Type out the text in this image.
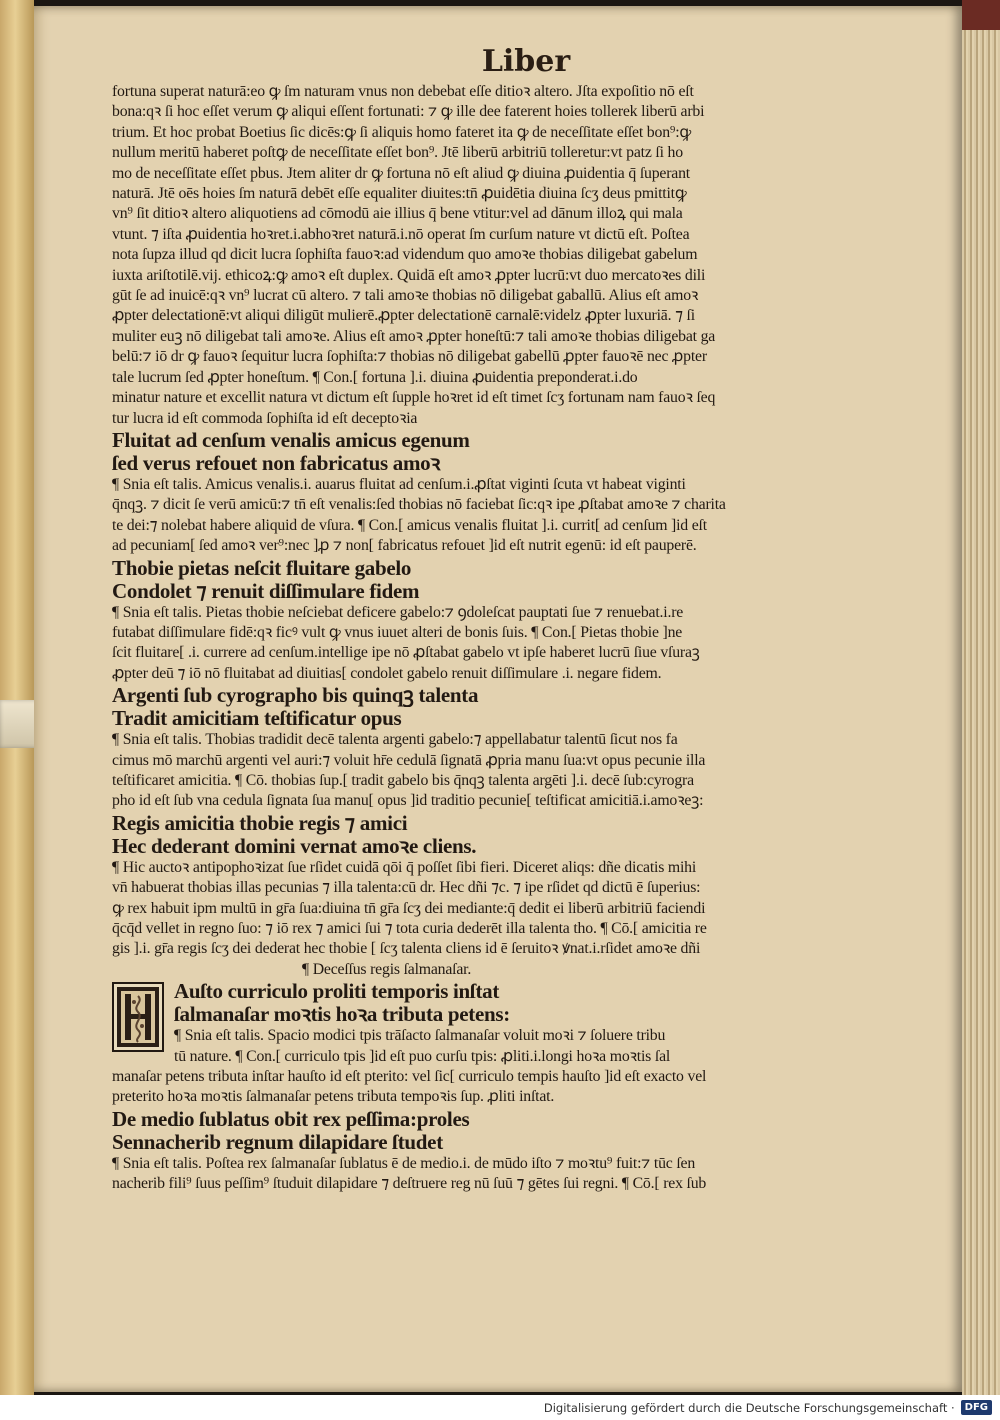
Liber
fortuna superat naturā:eo ꝙ ſm naturam vnus non debebat eſſe ditioꝛ altero. Jſta expoſitio nō eſt
bona:qꝛ ſi hoc eſſet verum ꝙ aliqui eſſent fortunati: ⁊ ꝙ ille dee faterent hoies tollerek liberū arbi
trium. Et hoc probat Boetius ſic dicēs:ꝙ ſi aliquis homo fateret ita ꝙ de neceſſitate eſſet bon⁹:ꝙ
nullum meritū haberet poſtꝙ de neceſſitate eſſet bon⁹. Jtē liberū arbitriū tolleretur:vt patz ſi ho
mo de neceſſitate eſſet pbus. Jtem aliter dr ꝙ fortuna nō eſt aliud ꝙ diuina ꝓuidentia q̄ ſuperant
naturā. Jtē oēs hoies ſm naturā debēt eſſe equaliter diuites:tn̄ ꝓuidētia diuina ſcʒ deus pmittitꝙ
vn⁹ ſit ditioꝛ altero aliquotiens ad cōmodū aie illius q̄ bene vtitur:vel ad dānum illoꝝ qui mala
vtunt. ⁊ iſta ꝓuidentia hoꝛret.i.abhoꝛret naturā.i.nō operat ſm curſum nature vt dictū eſt. Poſtea
nota ſupza illud qd dicit lucra ſophiſta fauoꝛ:ad videndum quo amoꝛe thobias diligebat gabelum
iuxta ariſtotilē.vij. ethicoꝝ:ꝙ amoꝛ eſt duplex. Quidā eſt amoꝛ ꝓpter lucrū:vt duo mercatoꝛes dili
gūt ſe ad inuicē:qꝛ vn⁹ lucrat cū altero. ⁊ tali amoꝛe thobias nō diligebat gaballū. Alius eſt amoꝛ
ꝓpter delectationē:vt aliqui diligūt mulierē.ꝓpter delectationē carnalē:videlz ꝓpter luxuriā. ⁊ ſi
muliter euꝫ nō diligebat tali amoꝛe. Alius eſt amoꝛ ꝓpter honeſtū:⁊ tali amoꝛe thobias diligebat ga
belū:⁊ iō dr ꝙ fauoꝛ ſequitur lucra ſophiſta:⁊ thobias nō diligebat gabellū ꝓpter fauoꝛē nec ꝓpter
tale lucrum ſed ꝓpter honeſtum. ¶ Con.[ fortuna ].i. diuina ꝓuidentia preponderat.i.do
minatur nature et excellit natura vt dictum eſt ſupple hoꝛret id eſt timet ſcʒ fortunam nam fauoꝛ ſeq
tur lucra id eſt commoda ſophiſta id eſt deceptoꝛia
Fluitat ad cenſum venalis amicus egenum
ſed verus refouet non fabricatus amoꝛ
¶ Snia eſt talis. Amicus venalis.i. auarus fluitat ad cenſum.i.ꝓſtat viginti ſcuta vt habeat viginti
q̄nqꝫ. ⁊ dicit ſe verū amicū:⁊ tn̄ eſt venalis:ſed thobias nō faciebat ſic:qꝛ ipe ꝓſtabat amoꝛe ⁊ charita
te dei:⁊ nolebat habere aliquid de vſura. ¶ Con.[ amicus venalis fluitat ].i. currit[ ad cenſum ]id eſt
ad pecuniam[ ſed amoꝛ ver⁹:nec ]ꝓ ⁊ non[ fabricatus refouet ]id eſt nutrit egenū: id eſt pauperē.
Thobie pietas neſcit fluitare gabelo
Condolet ⁊ renuit diſſimulare fidem
¶ Snia eſt talis. Pietas thobie neſciebat deficere gabelo:⁊ ꝯdoleſcat pauptati ſue ⁊ renuebat.i.re
futabat diſſimulare fidē:qꝛ ficꝰ vult ꝙ vnus iuuet alteri de bonis ſuis. ¶ Con.[ Pietas thobie ]ne
ſcit fluitare[ .i. currere ad cenſum.intellige ipe nō ꝓſtabat gabelo vt ipſe haberet lucrū ſiue vſuraꝫ
ꝓpter deū ⁊ iō nō fluitabat ad diuitias[ condolet gabelo renuit diſſimulare .i. negare fidem.
Argenti ſub cyrographo bis quinqꝫ talenta
Tradit amicitiam teſtificatur opus
¶ Snia eſt talis. Thobias tradidit decē talenta argenti gabelo:⁊ appellabatur talentū ſicut nos fa
cimus mō marchū argenti vel auri:⁊ voluit hr̄e cedulā ſignatā ꝓpria manu ſua:vt opus pecunie illa
teſtificaret amicitia. ¶ Cō. thobias ſup.[ tradit gabelo bis q̄nqꝫ talenta argēti ].i. decē ſub:cyrogra
pho id eſt ſub vna cedula ſignata ſua manu[ opus ]id traditio pecunie[ teſtificat amicitiā.i.amoꝛeꝫ:
Regis amicitia thobie regis ⁊ amici
Hec dederant domini vernat amoꝛe cliens.
¶ Hic auctoꝛ antipophoꝛizat ſue rſidet cuidā qōi q̄ poſſet ſibi fieri. Diceret aliqs: dñe dicatis mihi
vn̄ habuerat thobias illas pecunias ⁊ illa talenta:cū dr. Hec dñi ⁊c. ⁊ ipe rſidet qd dictū ē ſuperius:
ꝙ rex habuit ipm multū in gr̄a ſua:diuina tn̄ gr̄a ſcʒ dei mediante:q̄ dedit ei liberū arbitriū faciendi
q̄cq̄d vellet in regno ſuo: ⁊ iō rex ⁊ amici ſui ⁊ tota curia dederēt illa talenta tho. ¶ Cō.[ amicitia re
gis ].i. gr̄a regis ſcʒ dei dederat hec thobie [ ſcʒ talenta cliens id ē ſeruitoꝛ ꝟnat.i.rſidet amoꝛe dñi
¶ Deceſſus regis ſalmanaſar.
Auſto curriculo proliti temporis inſtat
ſalmanaſar moꝛtis hoꝛa tributa petens:
¶ Snia eſt talis. Spacio modici tpis trāſacto ſalmanaſar voluit moꝛi ⁊ ſoluere tribu
tū nature. ¶ Con.[ curriculo tpis ]id eſt puo curſu tpis: ꝓliti.i.longi hoꝛa moꝛtis ſal
manaſar petens tributa inſtar hauſto id eſt pterito: vel ſic[ curriculo tempis hauſto ]id eſt exacto vel
preterito hoꝛa moꝛtis ſalmanaſar petens tributa tempoꝛis ſup. ꝓliti inſtat.
De medio ſublatus obit rex peſſima:proles
Sennacherib regnum dilapidare ſtudet
¶ Snia eſt talis. Poſtea rex ſalmanaſar ſublatus ē de medio.i. de mūdo iſto ⁊ moꝛtu⁹ fuit:⁊ tūc ſen
nacherib fili⁹ ſuus peſſim⁹ ſtuduit dilapidare ⁊ deſtruere reg nū ſuū ⁊ gētes ſui regni. ¶ Cō.[ rex ſub
Digitalisierung gefördert durch die Deutsche Forschungsgemeinschaft ·	DFG
